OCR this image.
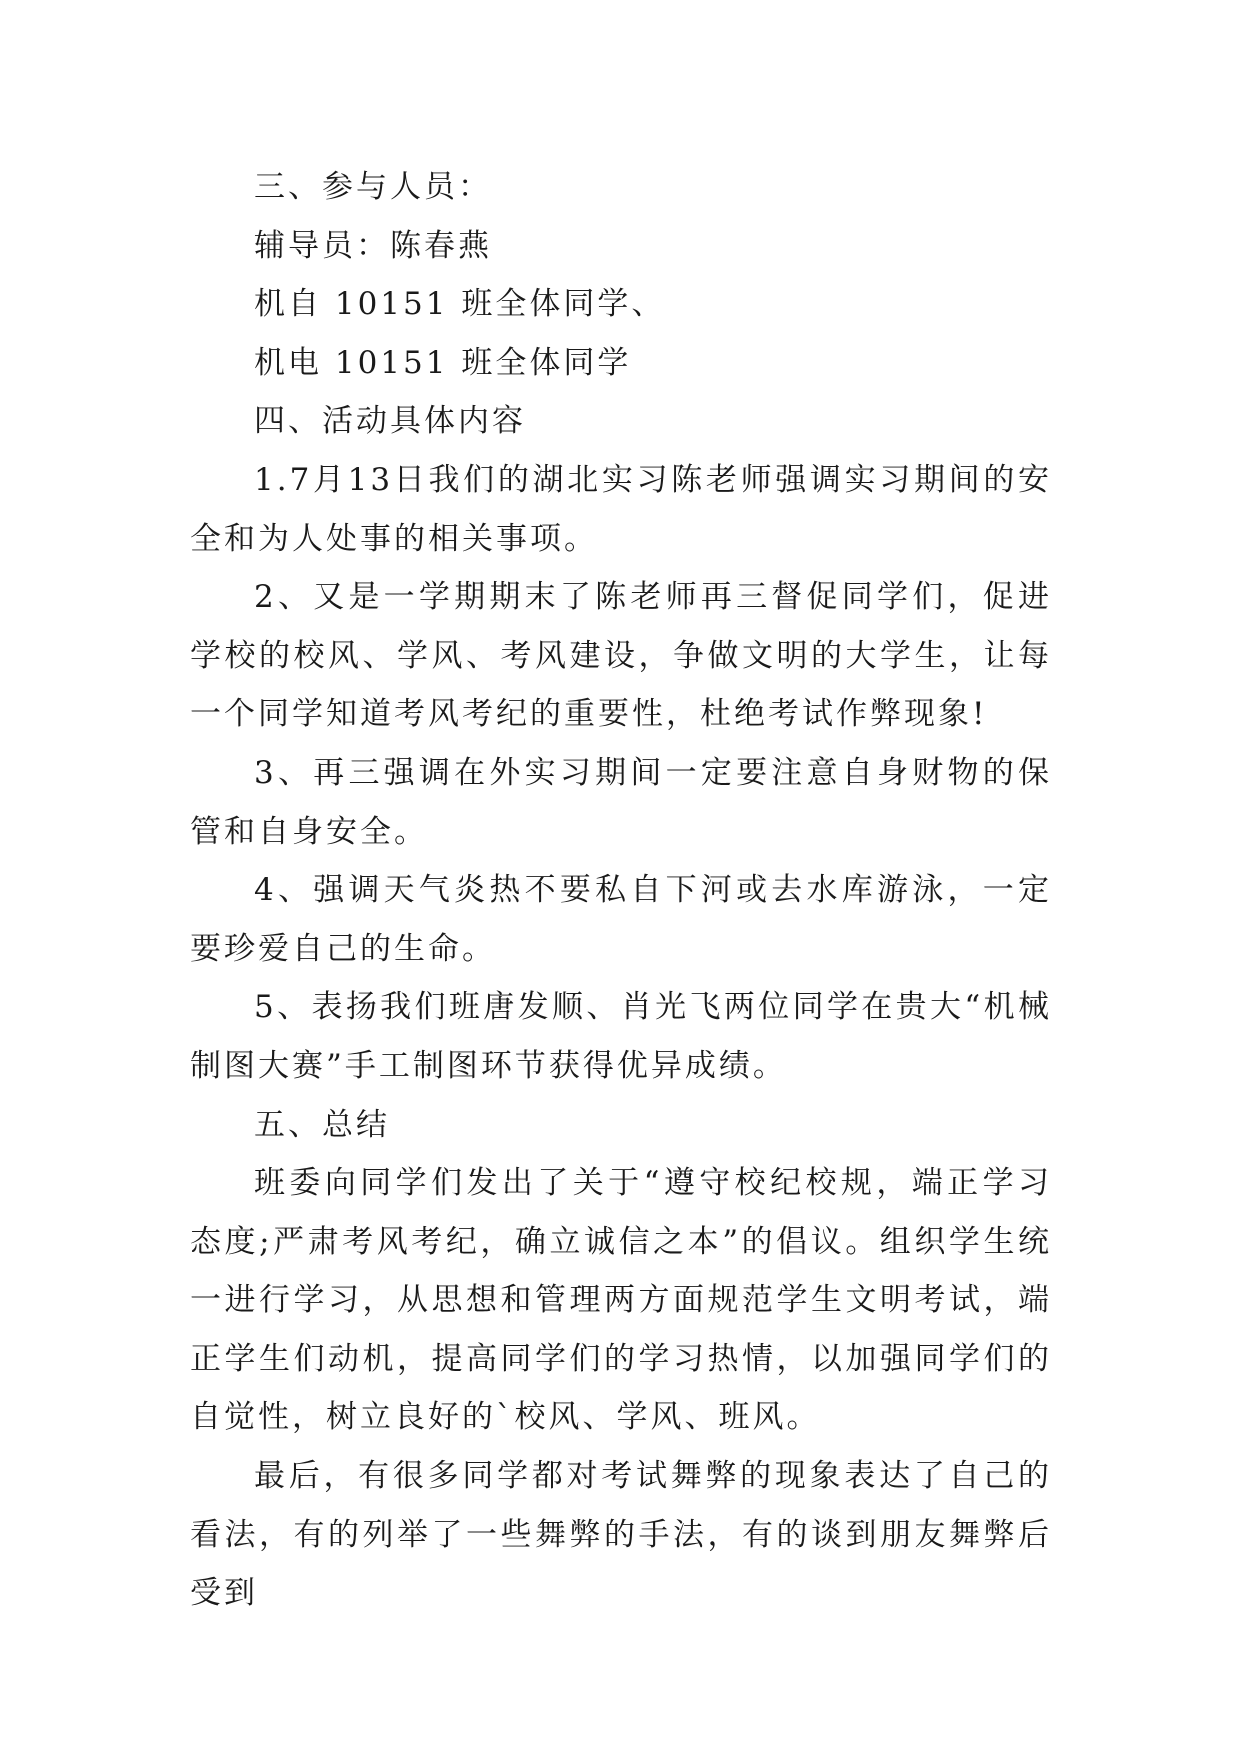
三、参与人员：

辅导员：陈春燕

机自 10151 班全体同学、

机电 10151 班全体同学

四、活动具体内容

1.7月13日我们的湖北实习陈老师强调实习期间的安全和为人处事的相关事项。

2、又是一学期期末了陈老师再三督促同学们，促进学校的校风、学风、考风建设，争做文明的大学生，让每一个同学知道考风考纪的重要性，杜绝考试作弊现象!

3、再三强调在外实习期间一定要注意自身财物的保管和自身安全。

4、强调天气炎热不要私自下河或去水库游泳，一定要珍爱自己的生命。

5、表扬我们班唐发顺、肖光飞两位同学在贵大“机械制图大赛”手工制图环节获得优异成绩。

五、总结

班委向同学们发出了关于“遵守校纪校规，端正学习态度;严肃考风考纪，确立诚信之本”的倡议。组织学生统一进行学习，从思想和管理两方面规范学生文明考试，端正学生们动机，提高同学们的学习热情，以加强同学们的自觉性，树立良好的`校风、学风、班风。

最后，有很多同学都对考试舞弊的现象表达了自己的看法，有的列举了一些舞弊的手法，有的谈到朋友舞弊后受到
